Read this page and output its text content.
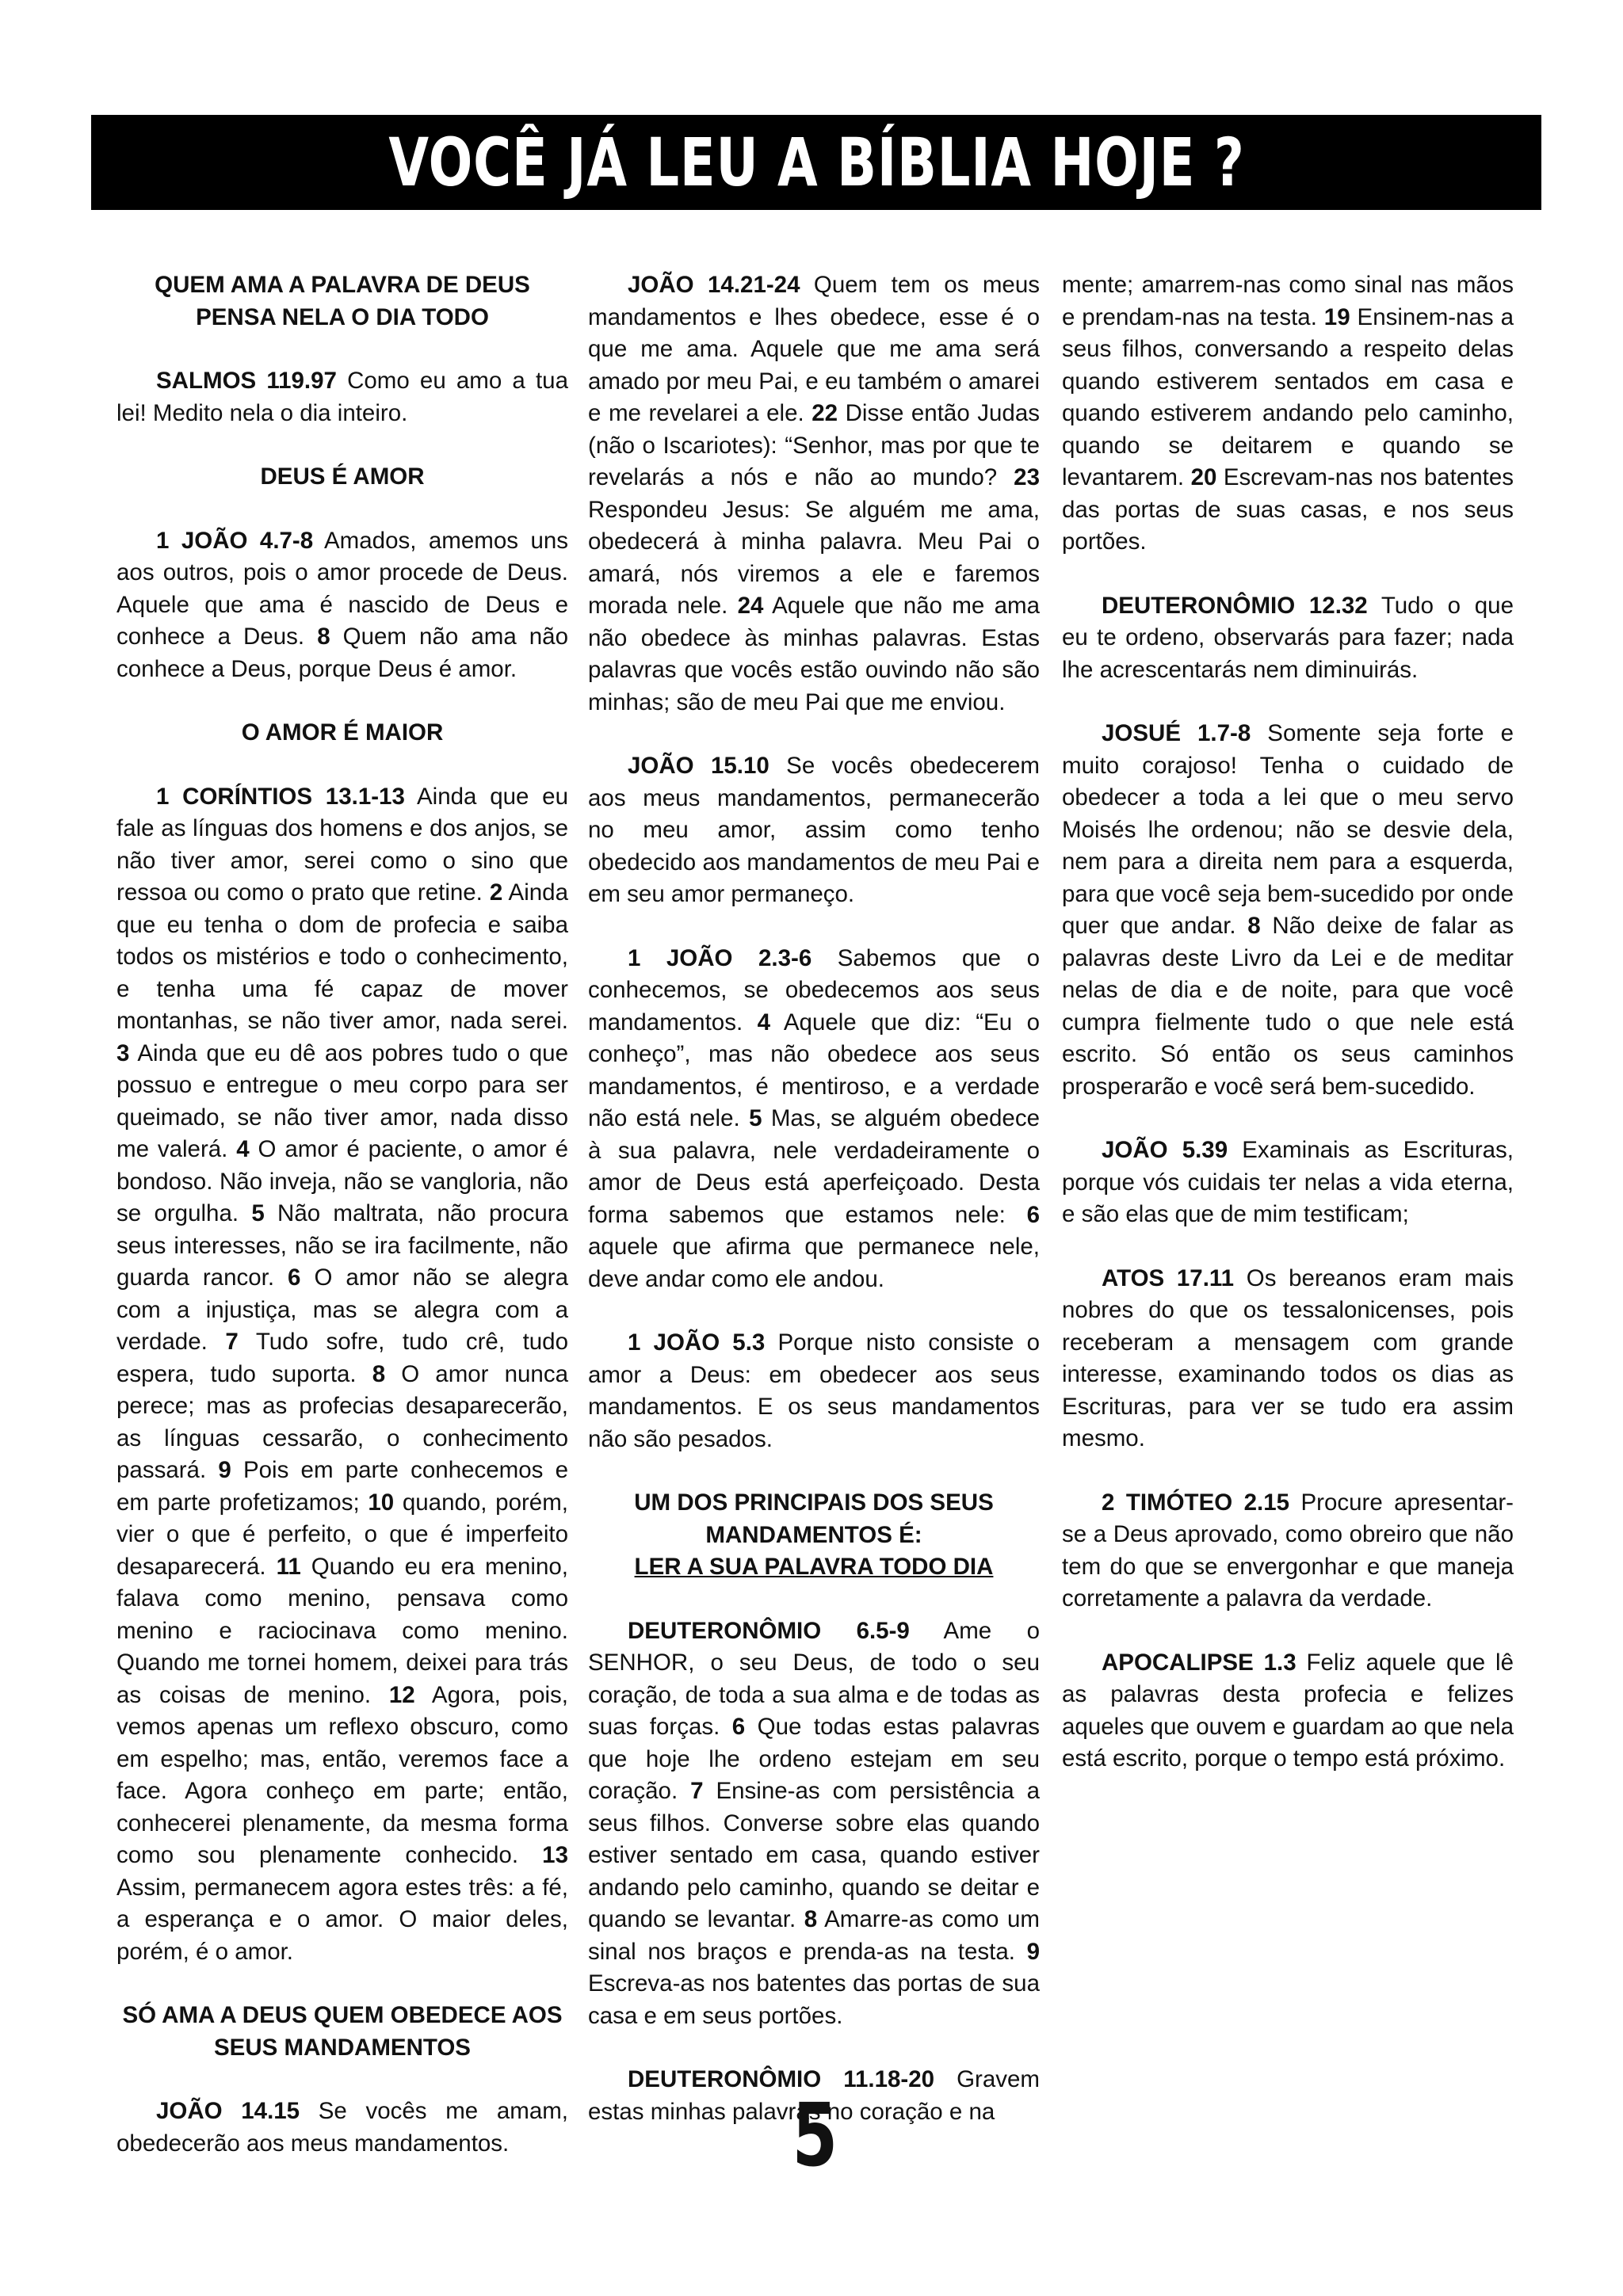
VOCÊ JÁ LEU A BÍBLIA HOJE ?
QUEM AMA A PALAVRA DE DEUS PENSA NELA O DIA TODO

SALMOS 119.97 Como eu amo a tua lei! Medito nela o dia inteiro.

DEUS É AMOR

1 JOÃO 4.7-8 Amados, amemos uns aos outros, pois o amor procede de Deus. Aquele que ama é nascido de Deus e conhece a Deus. 8 Quem não ama não conhece a Deus, porque Deus é amor.

O AMOR É MAIOR

1 CORÍNTIOS 13.1-13 Ainda que eu fale as línguas dos homens e dos anjos, se não tiver amor, serei como o sino que ressoa ou como o prato que retine. 2 Ainda que eu tenha o dom de profecia e saiba todos os mistérios e todo o conhecimento, e tenha uma fé capaz de mover montanhas, se não tiver amor, nada serei. 3 Ainda que eu dê aos pobres tudo o que possuo e entregue o meu corpo para ser queimado, se não tiver amor, nada disso me valerá. 4 O amor é paciente, o amor é bondoso. Não inveja, não se vangloria, não se orgulha. 5 Não maltrata, não procura seus interesses, não se ira facilmente, não guarda rancor. 6 O amor não se alegra com a injustiça, mas se alegra com a verdade. 7 Tudo sofre, tudo crê, tudo espera, tudo suporta. 8 O amor nunca perece; mas as profecias desaparecerão, as línguas cessarão, o conhecimento passará. 9 Pois em parte conhecemos e em parte profetizamos; 10 quando, porém, vier o que é perfeito, o que é imperfeito desaparecerá. 11 Quando eu era menino, falava como menino, pensava como menino e raciocinava como menino. Quando me tornei homem, deixei para trás as coisas de menino. 12 Agora, pois, vemos apenas um reflexo obscuro, como em espelho; mas, então, veremos face a face. Agora conheço em parte; então, conhecerei plenamente, da mesma forma como sou plenamente conhecido. 13 Assim, permanecem agora estes três: a fé, a esperança e o amor. O maior deles, porém, é o amor.

SÓ AMA A DEUS QUEM OBEDECE AOS SEUS MANDAMENTOS

JOÃO 14.15 Se vocês me amam, obedecerão aos meus mandamentos.

JOÃO 14.21-24 Quem tem os meus mandamentos e lhes obedece, esse é o que me ama. Aquele que me ama será amado por meu Pai, e eu também o amarei e me revelarei a ele. 22 Disse então Judas (não o Iscariotes): “Senhor, mas por que te revelarás a nós e não ao mundo? 23 Respondeu Jesus: Se alguém me ama, obedecerá à minha palavra. Meu Pai o amará, nós viremos a ele e faremos morada nele. 24 Aquele que não me ama não obedece às minhas palavras. Estas palavras que vocês estão ouvindo não são minhas; são de meu Pai que me enviou.

JOÃO 15.10 Se vocês obedecerem aos meus mandamentos, permanecerão no meu amor, assim como tenho obedecido aos mandamentos de meu Pai e em seu amor permaneço.

1 JOÃO 2.3-6 Sabemos que o conhecemos, se obedecemos aos seus mandamentos. 4 Aquele que diz: “Eu o conheço”, mas não obedece aos seus mandamentos, é mentiroso, e a verdade não está nele. 5 Mas, se alguém obedece à sua palavra, nele verdadeiramente o amor de Deus está aperfeiçoado. Desta forma sabemos que estamos nele: 6 aquele que afirma que permanece nele, deve andar como ele andou.

1 JOÃO 5.3 Porque nisto consiste o amor a Deus: em obedecer aos seus mandamentos. E os seus mandamentos não são pesados.

UM DOS PRINCIPAIS DOS SEUS MANDAMENTOS É:
LER A SUA PALAVRA TODO DIA

DEUTERONÔMIO 6.5-9 Ame o SENHOR, o seu Deus, de todo o seu coração, de toda a sua alma e de todas as suas forças. 6 Que todas estas palavras que hoje lhe ordeno estejam em seu coração. 7 Ensine-as com persistência a seus filhos. Converse sobre elas quando estiver sentado em casa, quando estiver andando pelo caminho, quando se deitar e quando se levantar. 8 Amarre-as como um sinal nos braços e prenda-as na testa. 9 Escreva-as nos batentes das portas de sua casa e em seus portões.

DEUTERONÔMIO 11.18-20 Gravem estas minhas palavras no coração e na

mente; amarrem-nas como sinal nas mãos e prendam-nas na testa. 19 Ensinem-nas a seus filhos, conversando a respeito delas quando estiverem sentados em casa e quando estiverem andando pelo caminho, quando se deitarem e quando se levantarem. 20 Escrevam-nas nos batentes das portas de suas casas, e nos seus portões.

DEUTERONÔMIO 12.32 Tudo o que eu te ordeno, observarás para fazer; nada lhe acrescentarás nem diminuirás.

JOSUÉ 1.7-8 Somente seja forte e muito corajoso! Tenha o cuidado de obedecer a toda a lei que o meu servo Moisés lhe ordenou; não se desvie dela, nem para a direita nem para a esquerda, para que você seja bem-sucedido por onde quer que andar. 8 Não deixe de falar as palavras deste Livro da Lei e de meditar nelas de dia e de noite, para que você cumpra fielmente tudo o que nele está escrito. Só então os seus caminhos prosperarão e você será bem-sucedido.

JOÃO 5.39 Examinais as Escrituras, porque vós cuidais ter nelas a vida eterna, e são elas que de mim testificam;

ATOS 17.11 Os bereanos eram mais nobres do que os tessalonicenses, pois receberam a mensagem com grande interesse, examinando todos os dias as Escrituras, para ver se tudo era assim mesmo.

2 TIMÓTEO 2.15 Procure apresentar-se a Deus aprovado, como obreiro que não tem do que se envergonhar e que maneja corretamente a palavra da verdade.

APOCALIPSE 1.3 Feliz aquele que lê as palavras desta profecia e felizes aqueles que ouvem e guardam ao que nela está escrito, porque o tempo está próximo.

5
